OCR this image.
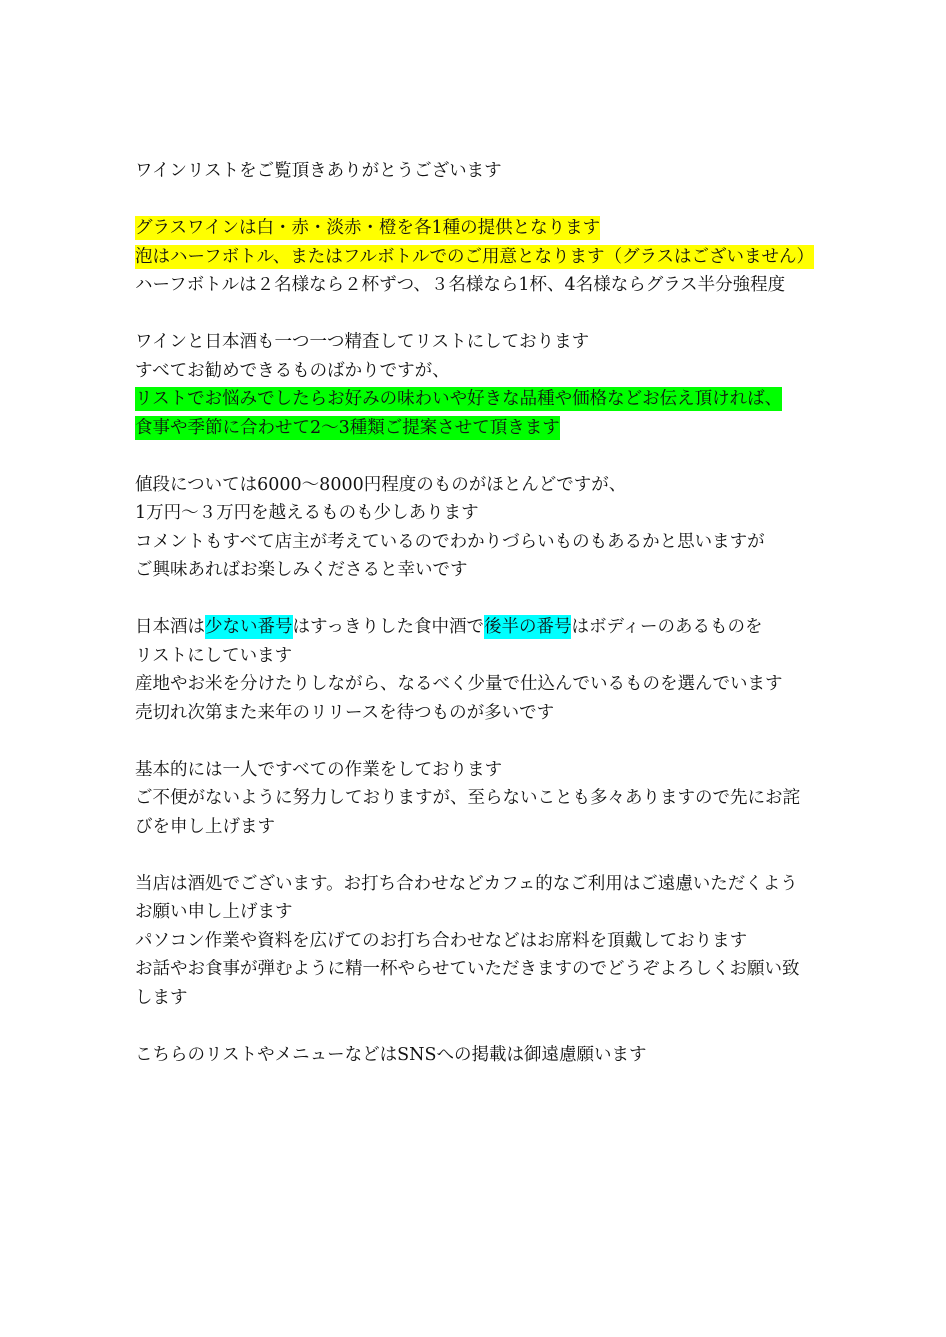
ワインリストをご覧頂きありがとうございます
グラスワインは白・赤・淡赤・橙を各1種の提供となります
泡はハーフボトル、またはフルボトルでのご用意となります（グラスはございません）
ハーフボトルは２名様なら２杯ずつ、３名様なら1杯、4名様ならグラス半分強程度
ワインと日本酒も一つ一つ精査してリストにしております
すべてお勧めできるものばかりですが、
リストでお悩みでしたらお好みの味わいや好きな品種や価格などお伝え頂ければ、
食事や季節に合わせて2～3種類ご提案させて頂きます
値段については6000～8000円程度のものがほとんどですが、
1万円～３万円を越えるものも少しあります
コメントもすべて店主が考えているのでわかりづらいものもあるかと思いますが
ご興味あればお楽しみくださると幸いです
日本酒は少ない番号はすっきりした食中酒で後半の番号はボディーのあるものを
リストにしています
産地やお米を分けたりしながら、なるべく少量で仕込んでいるものを選んでいます
売切れ次第また来年のリリースを待つものが多いです
基本的には一人ですべての作業をしております
ご不便がないように努力しておりますが、至らないことも多々ありますので先にお詫
びを申し上げます
当店は酒処でございます。お打ち合わせなどカフェ的なご利用はご遠慮いただくよう
お願い申し上げます
パソコン作業や資料を広げてのお打ち合わせなどはお席料を頂戴しております
お話やお食事が弾むように精一杯やらせていただきますのでどうぞよろしくお願い致
します
こちらのリストやメニューなどはSNSへの掲載は御遠慮願います
